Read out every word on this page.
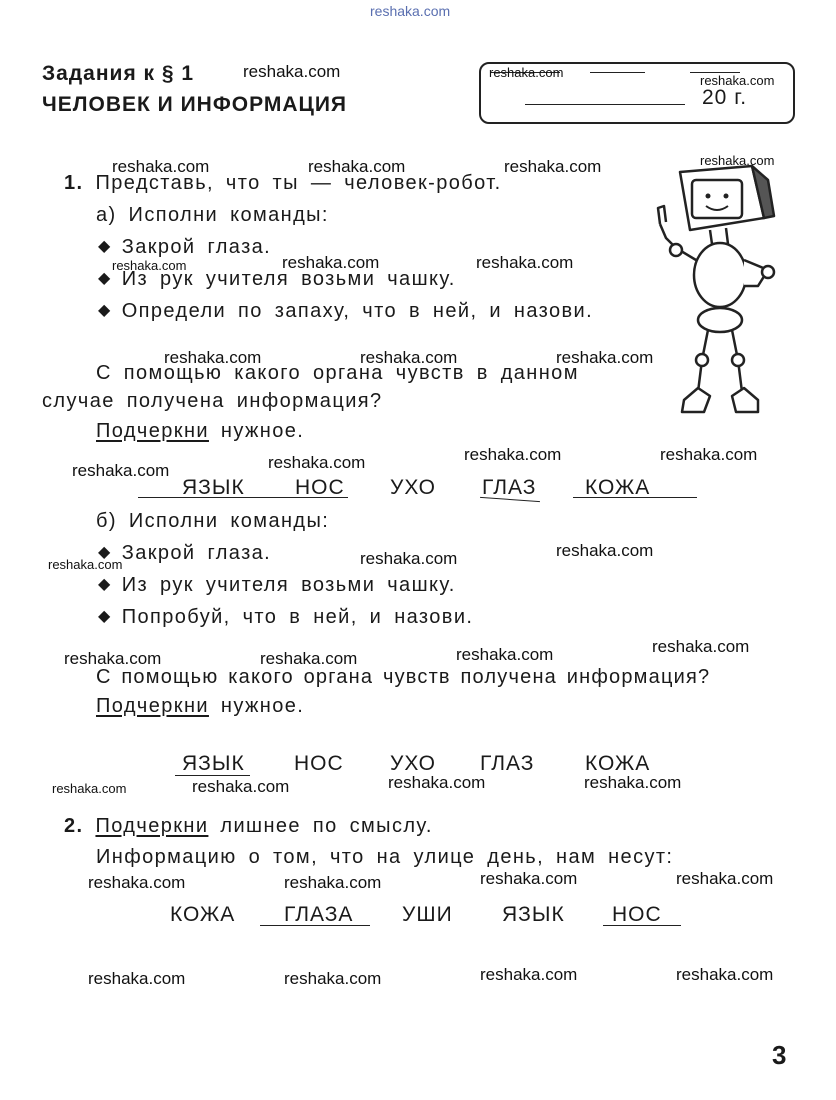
reshaka.com
Задания к § 1
ЧЕЛОВЕК И ИНФОРМАЦИЯ	20 г.
1. Представь, что ты — человек-робот.
а) Исполни команды:
◆ Закрой глаза.
◆ Из рук учителя возьми чашку.
◆ Определи по запаху, что в ней, и назови.
С помощью какого органа чувств в данном
случае получена информация?
Подчеркни нужное.
ЯЗЫК НОС УХО ГЛАЗ КОЖА
б) Исполни команды:
◆ Закрой глаза.
◆ Из рук учителя возьми чашку.
◆ Попробуй, что в ней, и назови.
С помощью какого органа чувств получена информация?
Подчеркни нужное.
ЯЗЫК НОС УХО ГЛАЗ КОЖА
2. Подчеркни лишнее по смыслу.
Информацию о том, что на улице день, нам несут:
КОЖА ГЛАЗА УШИ ЯЗЫК НОС
3
reshaka.com	reshaka.com
reshaka.com
reshaka.com
reshaka.com	reshaka.com	reshaka.com
reshaka.com	reshaka.com	reshaka.com
reshaka.com	reshaka.com	reshaka.com
reshaka.com	reshaka.com	reshaka.com
reshaka.com
reshaka.com	reshaka.com	reshaka.com
reshaka.com	reshaka.com	reshaka.com	reshaka.com
reshaka.com	reshaka.com	reshaka.com	reshaka.com
reshaka.com	reshaka.com	reshaka.com	reshaka.com
reshaka.com	reshaka.com	reshaka.com	reshaka.com
